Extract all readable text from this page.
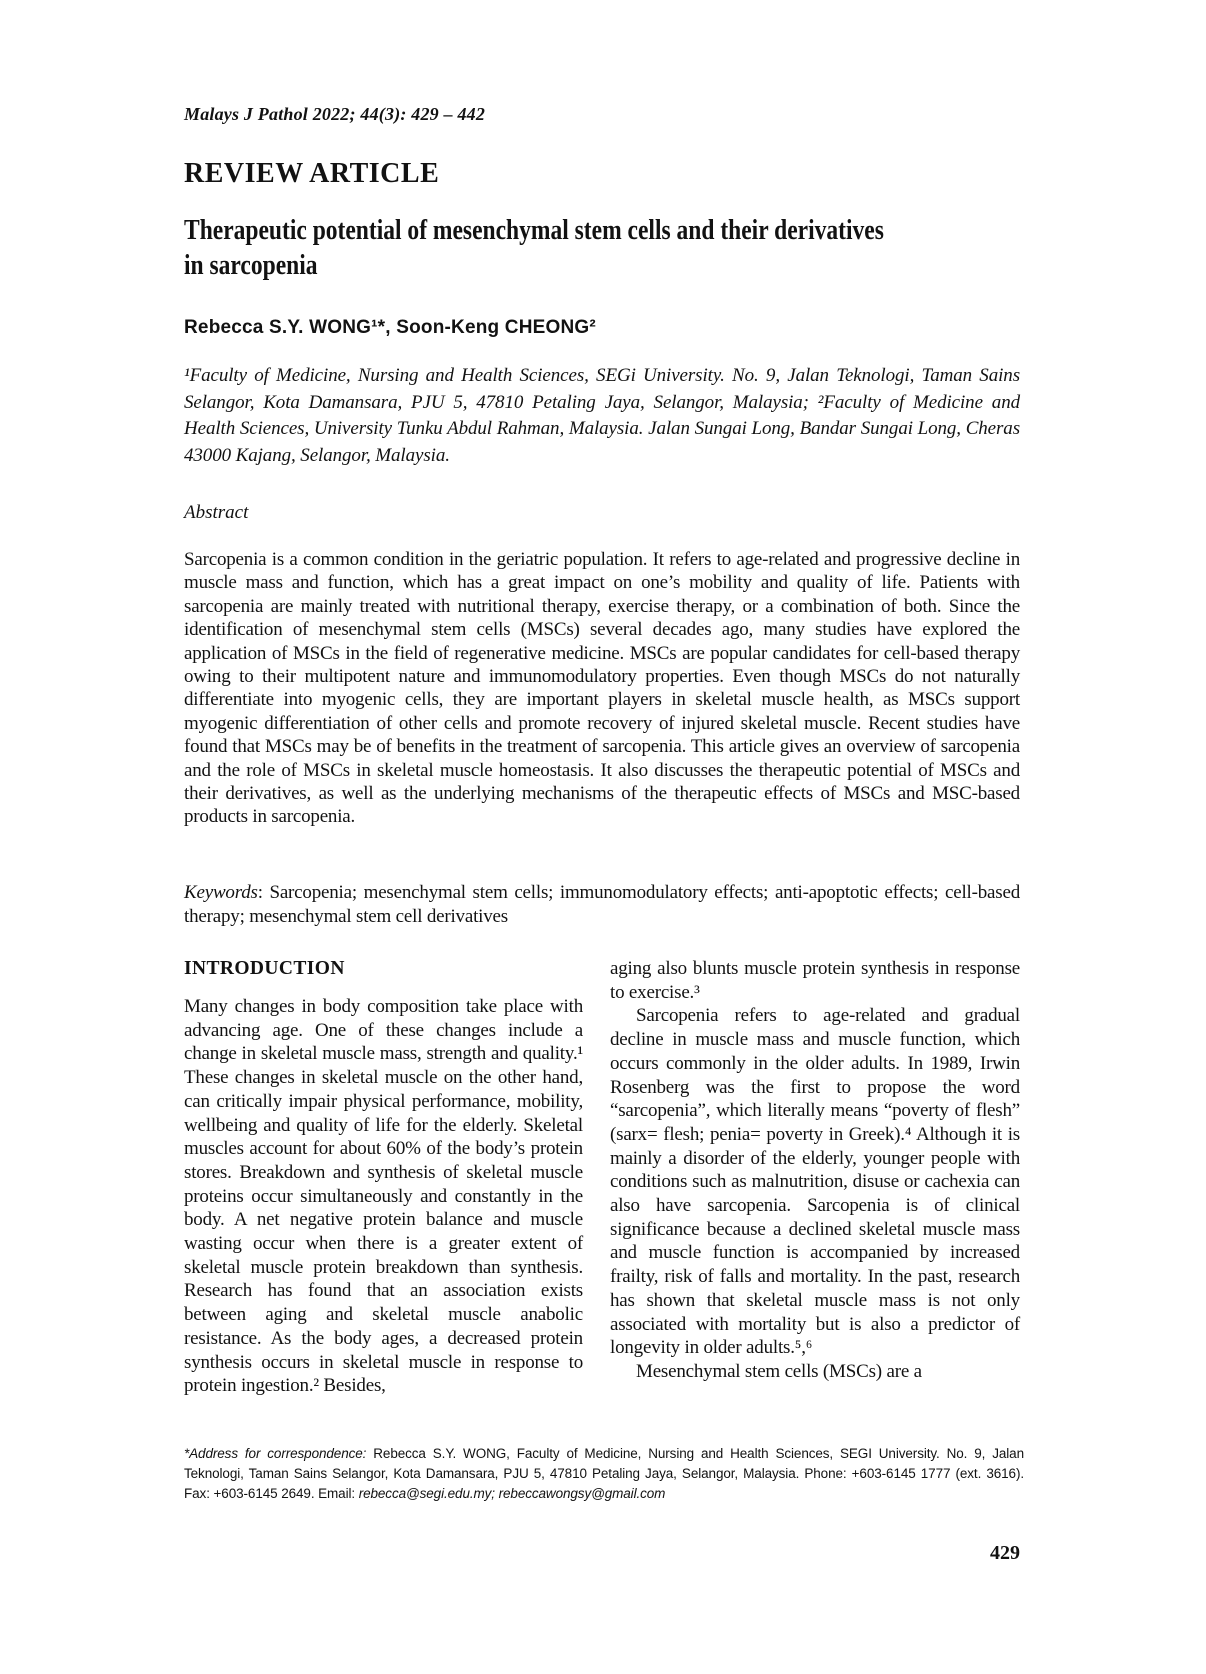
Malays J Pathol 2022; 44(3): 429 – 442
REVIEW ARTICLE
Therapeutic potential of mesenchymal stem cells and their derivatives
in sarcopenia
Rebecca S.Y. WONG¹*, Soon-Keng CHEONG²
¹Faculty of Medicine, Nursing and Health Sciences, SEGi University. No. 9, Jalan Teknologi, Taman Sains Selangor, Kota Damansara, PJU 5, 47810 Petaling Jaya, Selangor, Malaysia; ²Faculty of Medicine and Health Sciences, University Tunku Abdul Rahman, Malaysia. Jalan Sungai Long, Bandar Sungai Long, Cheras 43000 Kajang, Selangor, Malaysia.
Abstract
Sarcopenia is a common condition in the geriatric population. It refers to age-related and progressive decline in muscle mass and function, which has a great impact on one’s mobility and quality of life. Patients with sarcopenia are mainly treated with nutritional therapy, exercise therapy, or a combination of both. Since the identification of mesenchymal stem cells (MSCs) several decades ago, many studies have explored the application of MSCs in the field of regenerative medicine. MSCs are popular candidates for cell-based therapy owing to their multipotent nature and immunomodulatory properties. Even though MSCs do not naturally differentiate into myogenic cells, they are important players in skeletal muscle health, as MSCs support myogenic differentiation of other cells and promote recovery of injured skeletal muscle. Recent studies have found that MSCs may be of benefits in the treatment of sarcopenia. This article gives an overview of sarcopenia and the role of MSCs in skeletal muscle homeostasis. It also discusses the therapeutic potential of MSCs and their derivatives, as well as the underlying mechanisms of the therapeutic effects of MSCs and MSC-based products in sarcopenia.
Keywords: Sarcopenia; mesenchymal stem cells; immunomodulatory effects; anti-apoptotic effects; cell-based therapy; mesenchymal stem cell derivatives

INTRODUCTION

Many changes in body composition take place with advancing age. One of these changes include a change in skeletal muscle mass, strength and quality.¹ These changes in skeletal muscle on the other hand, can critically impair physical performance, mobility, wellbeing and quality of life for the elderly. Skeletal muscles account for about 60% of the body’s protein stores. Breakdown and synthesis of skeletal muscle proteins occur simultaneously and constantly in the body. A net negative protein balance and muscle wasting occur when there is a greater extent of skeletal muscle protein breakdown than synthesis. Research has found that an association exists between aging and skeletal muscle anabolic resistance. As the body ages, a decreased protein synthesis occurs in skeletal muscle in response to protein ingestion.² Besides,

aging also blunts muscle protein synthesis in response to exercise.³

Sarcopenia refers to age-related and gradual decline in muscle mass and muscle function, which occurs commonly in the older adults. In 1989, Irwin Rosenberg was the first to propose the word “sarcopenia”, which literally means “poverty of flesh” (sarx= flesh; penia= poverty in Greek).⁴ Although it is mainly a disorder of the elderly, younger people with conditions such as malnutrition, disuse or cachexia can also have sarcopenia. Sarcopenia is of clinical significance because a declined skeletal muscle mass and muscle function is accompanied by increased frailty, risk of falls and mortality. In the past, research has shown that skeletal muscle mass is not only associated with mortality but is also a predictor of longevity in older adults.⁵,⁶

Mesenchymal stem cells (MSCs) are a

*Address for correspondence: Rebecca S.Y. WONG, Faculty of Medicine, Nursing and Health Sciences, SEGI University. No. 9, Jalan Teknologi, Taman Sains Selangor, Kota Damansara, PJU 5, 47810 Petaling Jaya, Selangor, Malaysia. Phone: +603-6145 1777 (ext. 3616). Fax: +603-6145 2649. Email: rebecca@segi.edu.my; rebeccawongsy@gmail.com
429
